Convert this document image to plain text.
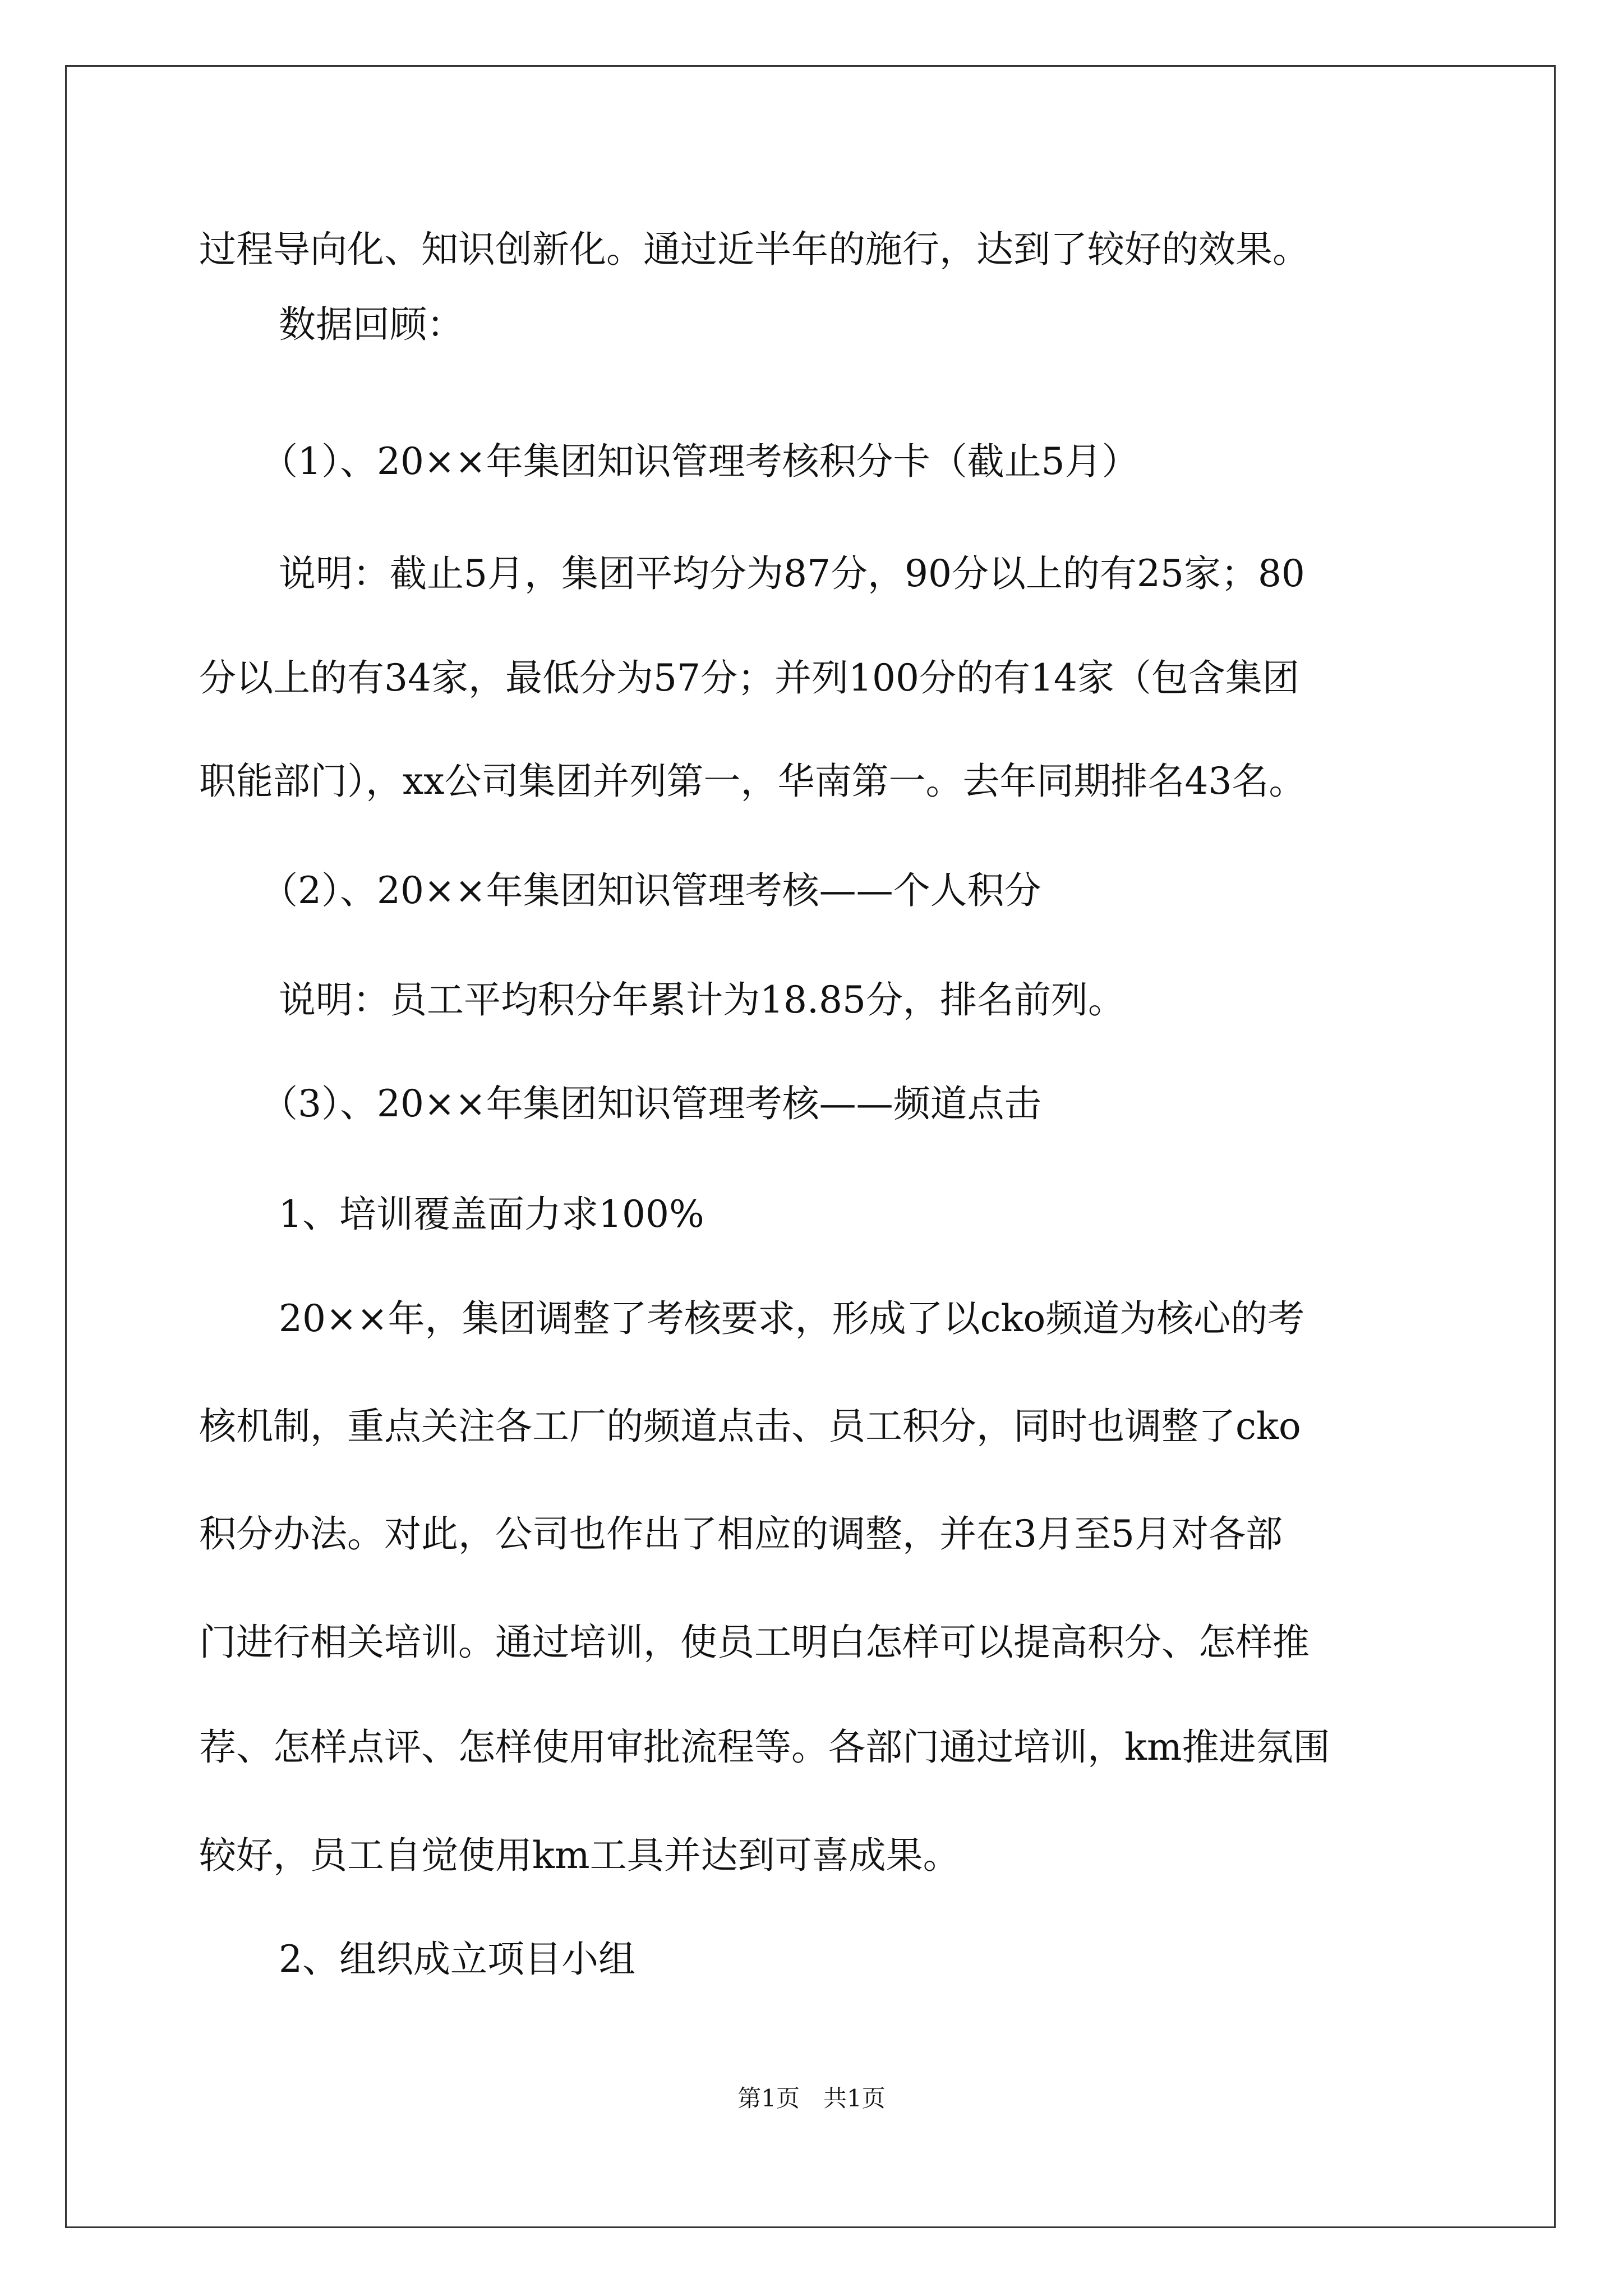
过程导向化、知识创新化。通过近半年的施行，达到了较好的效果。
数据回顾：
（1）、20××年集团知识管理考核积分卡（截止5月）
说明：截止5月，集团平均分为87分，90分以上的有25家；80
分以上的有34家，最低分为57分；并列100分的有14家（包含集团
职能部门），xx公司集团并列第一，华南第一。去年同期排名43名。
（2）、20××年集团知识管理考核——个人积分
说明：员工平均积分年累计为18.85分，排名前列。
（3）、20××年集团知识管理考核——频道点击
1、培训覆盖面力求100%
20××年，集团调整了考核要求，形成了以cko频道为核心的考
核机制，重点关注各工厂的频道点击、员工积分，同时也调整了cko
积分办法。对此，公司也作出了相应的调整，并在3月至5月对各部
门进行相关培训。通过培训，使员工明白怎样可以提高积分、怎样推
荐、怎样点评、怎样使用审批流程等。各部门通过培训，km推进氛围
较好，员工自觉使用km工具并达到可喜成果。
2、组织成立项目小组
第1页　共1页
